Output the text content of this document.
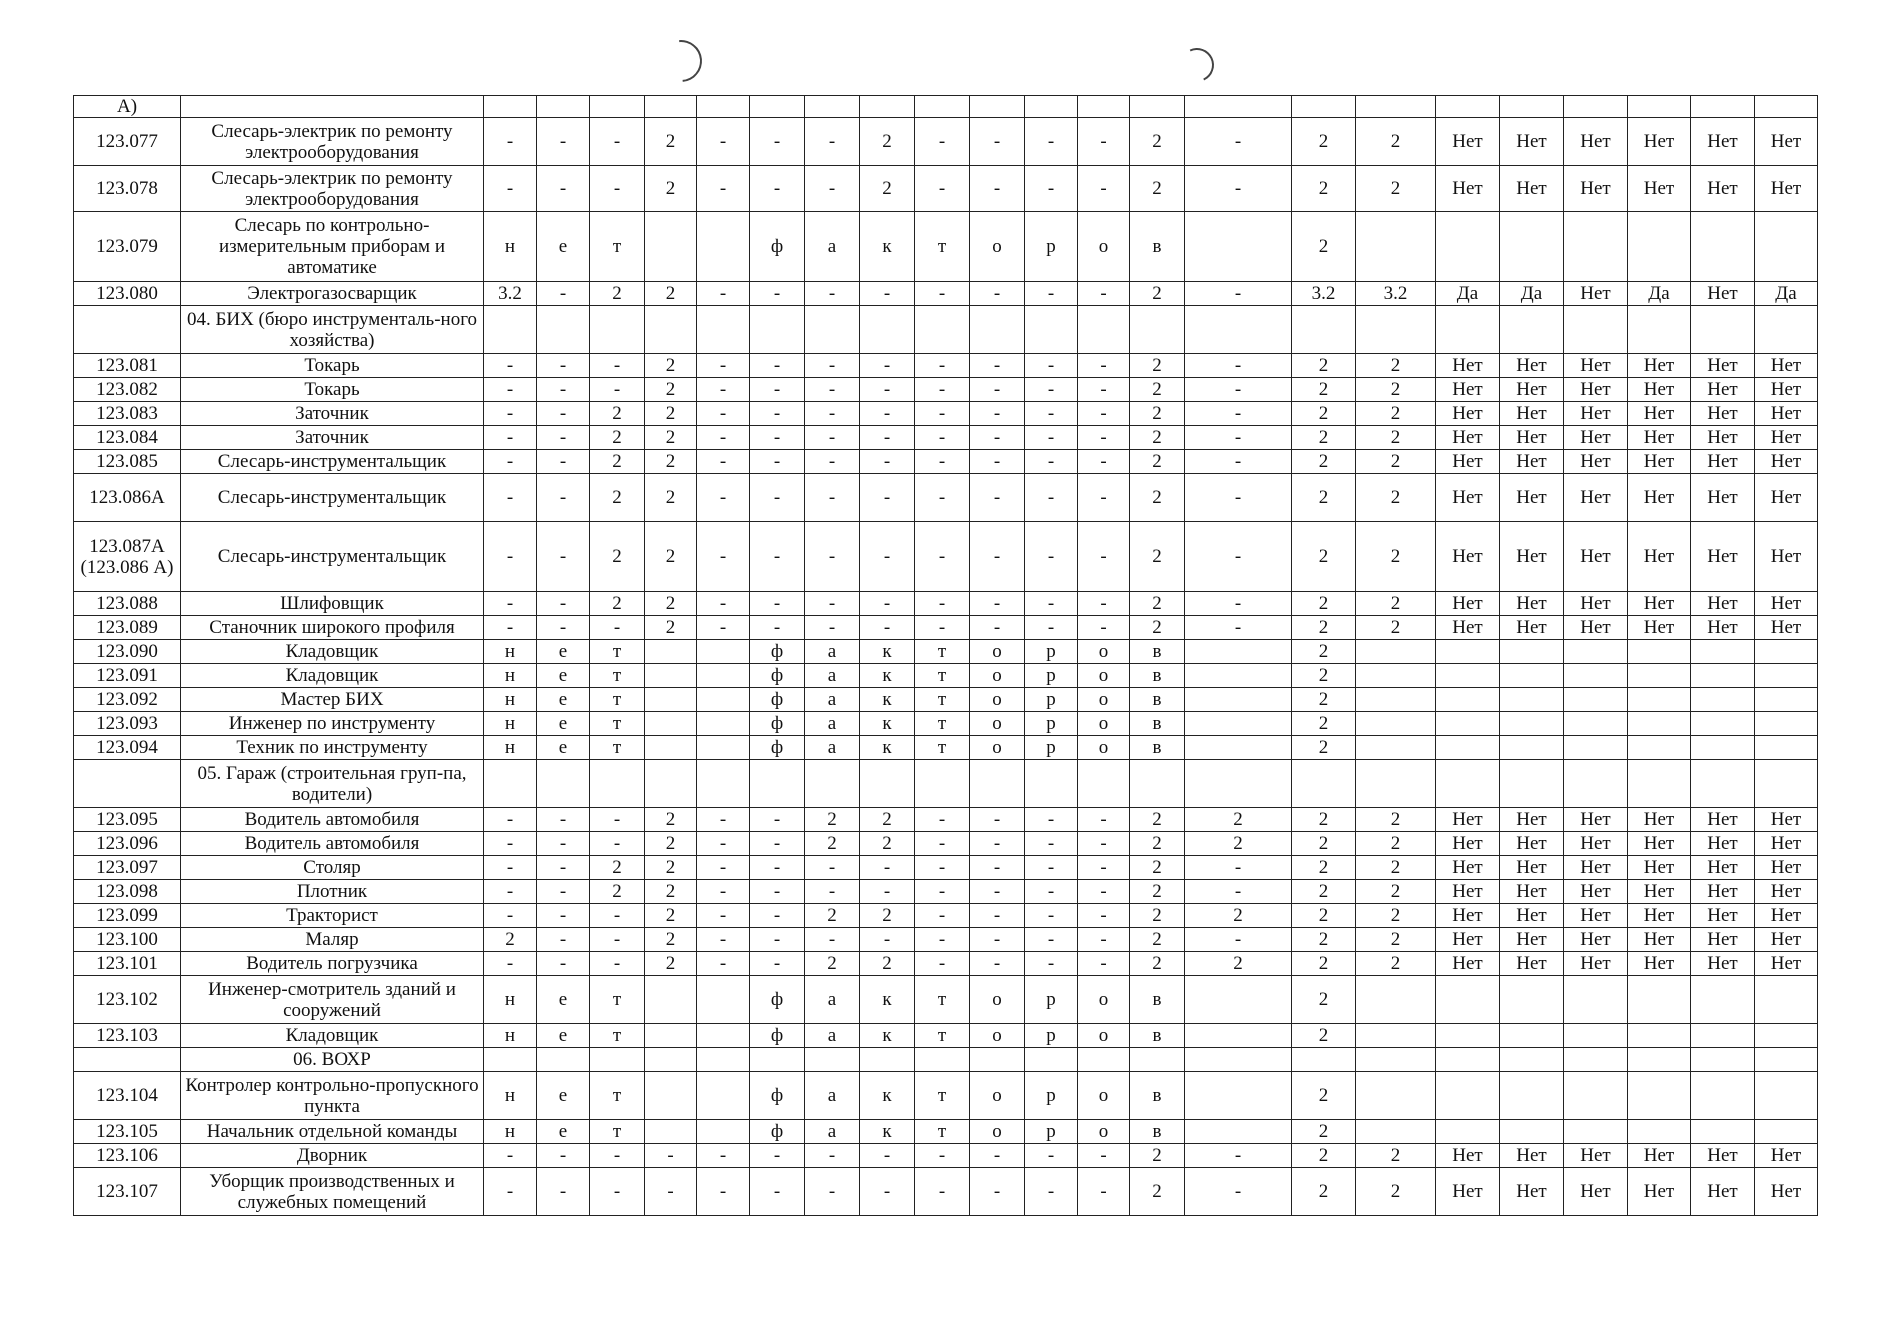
А)																							
123.077	Слесарь-электрик по ремонту электрооборудования	-	-	-	2	-	-	-	2	-	-	-	-	2	-	2	2	Нет	Нет	Нет	Нет	Нет	Нет
123.078	Слесарь-электрик по ремонту электрооборудования	-	-	-	2	-	-	-	2	-	-	-	-	2	-	2	2	Нет	Нет	Нет	Нет	Нет	Нет
123.079	Слесарь по контрольно-измерительным приборам и автоматике	н	е	т			ф	а	к	т	о	р	о	в		2							
123.080	Электрогазосварщик	3.2	-	2	2	-	-	-	-	-	-	-	-	2	-	3.2	3.2	Да	Да	Нет	Да	Нет	Да
	04. БИХ (бюро инструменталь-ного хозяйства)																						
123.081	Токарь	-	-	-	2	-	-	-	-	-	-	-	-	2	-	2	2	Нет	Нет	Нет	Нет	Нет	Нет
123.082	Токарь	-	-	-	2	-	-	-	-	-	-	-	-	2	-	2	2	Нет	Нет	Нет	Нет	Нет	Нет
123.083	Заточник	-	-	2	2	-	-	-	-	-	-	-	-	2	-	2	2	Нет	Нет	Нет	Нет	Нет	Нет
123.084	Заточник	-	-	2	2	-	-	-	-	-	-	-	-	2	-	2	2	Нет	Нет	Нет	Нет	Нет	Нет
123.085	Слесарь-инструментальщик	-	-	2	2	-	-	-	-	-	-	-	-	2	-	2	2	Нет	Нет	Нет	Нет	Нет	Нет
123.086А	Слесарь-инструментальщик	-	-	2	2	-	-	-	-	-	-	-	-	2	-	2	2	Нет	Нет	Нет	Нет	Нет	Нет
123.087А (123.086 А)	Слесарь-инструментальщик	-	-	2	2	-	-	-	-	-	-	-	-	2	-	2	2	Нет	Нет	Нет	Нет	Нет	Нет
123.088	Шлифовщик	-	-	2	2	-	-	-	-	-	-	-	-	2	-	2	2	Нет	Нет	Нет	Нет	Нет	Нет
123.089	Станочник широкого профиля	-	-	-	2	-	-	-	-	-	-	-	-	2	-	2	2	Нет	Нет	Нет	Нет	Нет	Нет
123.090	Кладовщик	н	е	т			ф	а	к	т	о	р	о	в		2							
123.091	Кладовщик	н	е	т			ф	а	к	т	о	р	о	в		2							
123.092	Мастер БИХ	н	е	т			ф	а	к	т	о	р	о	в		2							
123.093	Инженер по инструменту	н	е	т			ф	а	к	т	о	р	о	в		2							
123.094	Техник по инструменту	н	е	т			ф	а	к	т	о	р	о	в		2							
	05. Гараж (строительная груп-па, водители)																						
123.095	Водитель автомобиля	-	-	-	2	-	-	2	2	-	-	-	-	2	2	2	2	Нет	Нет	Нет	Нет	Нет	Нет
123.096	Водитель автомобиля	-	-	-	2	-	-	2	2	-	-	-	-	2	2	2	2	Нет	Нет	Нет	Нет	Нет	Нет
123.097	Столяр	-	-	2	2	-	-	-	-	-	-	-	-	2	-	2	2	Нет	Нет	Нет	Нет	Нет	Нет
123.098	Плотник	-	-	2	2	-	-	-	-	-	-	-	-	2	-	2	2	Нет	Нет	Нет	Нет	Нет	Нет
123.099	Тракторист	-	-	-	2	-	-	2	2	-	-	-	-	2	2	2	2	Нет	Нет	Нет	Нет	Нет	Нет
123.100	Маляр	2	-	-	2	-	-	-	-	-	-	-	-	2	-	2	2	Нет	Нет	Нет	Нет	Нет	Нет
123.101	Водитель погрузчика	-	-	-	2	-	-	2	2	-	-	-	-	2	2	2	2	Нет	Нет	Нет	Нет	Нет	Нет
123.102	Инженер-смотритель зданий и сооружений	н	е	т			ф	а	к	т	о	р	о	в		2							
123.103	Кладовщик	н	е	т			ф	а	к	т	о	р	о	в		2							
	06. ВОХР																						
123.104	Контролер контрольно-пропускного пункта	н	е	т			ф	а	к	т	о	р	о	в		2							
123.105	Начальник отдельной команды	н	е	т			ф	а	к	т	о	р	о	в		2							
123.106	Дворник	-	-	-	-	-	-	-	-	-	-	-	-	2	-	2	2	Нет	Нет	Нет	Нет	Нет	Нет
123.107	Уборщик производственных и служебных помещений	-	-	-	-	-	-	-	-	-	-	-	-	2	-	2	2	Нет	Нет	Нет	Нет	Нет	Нет
